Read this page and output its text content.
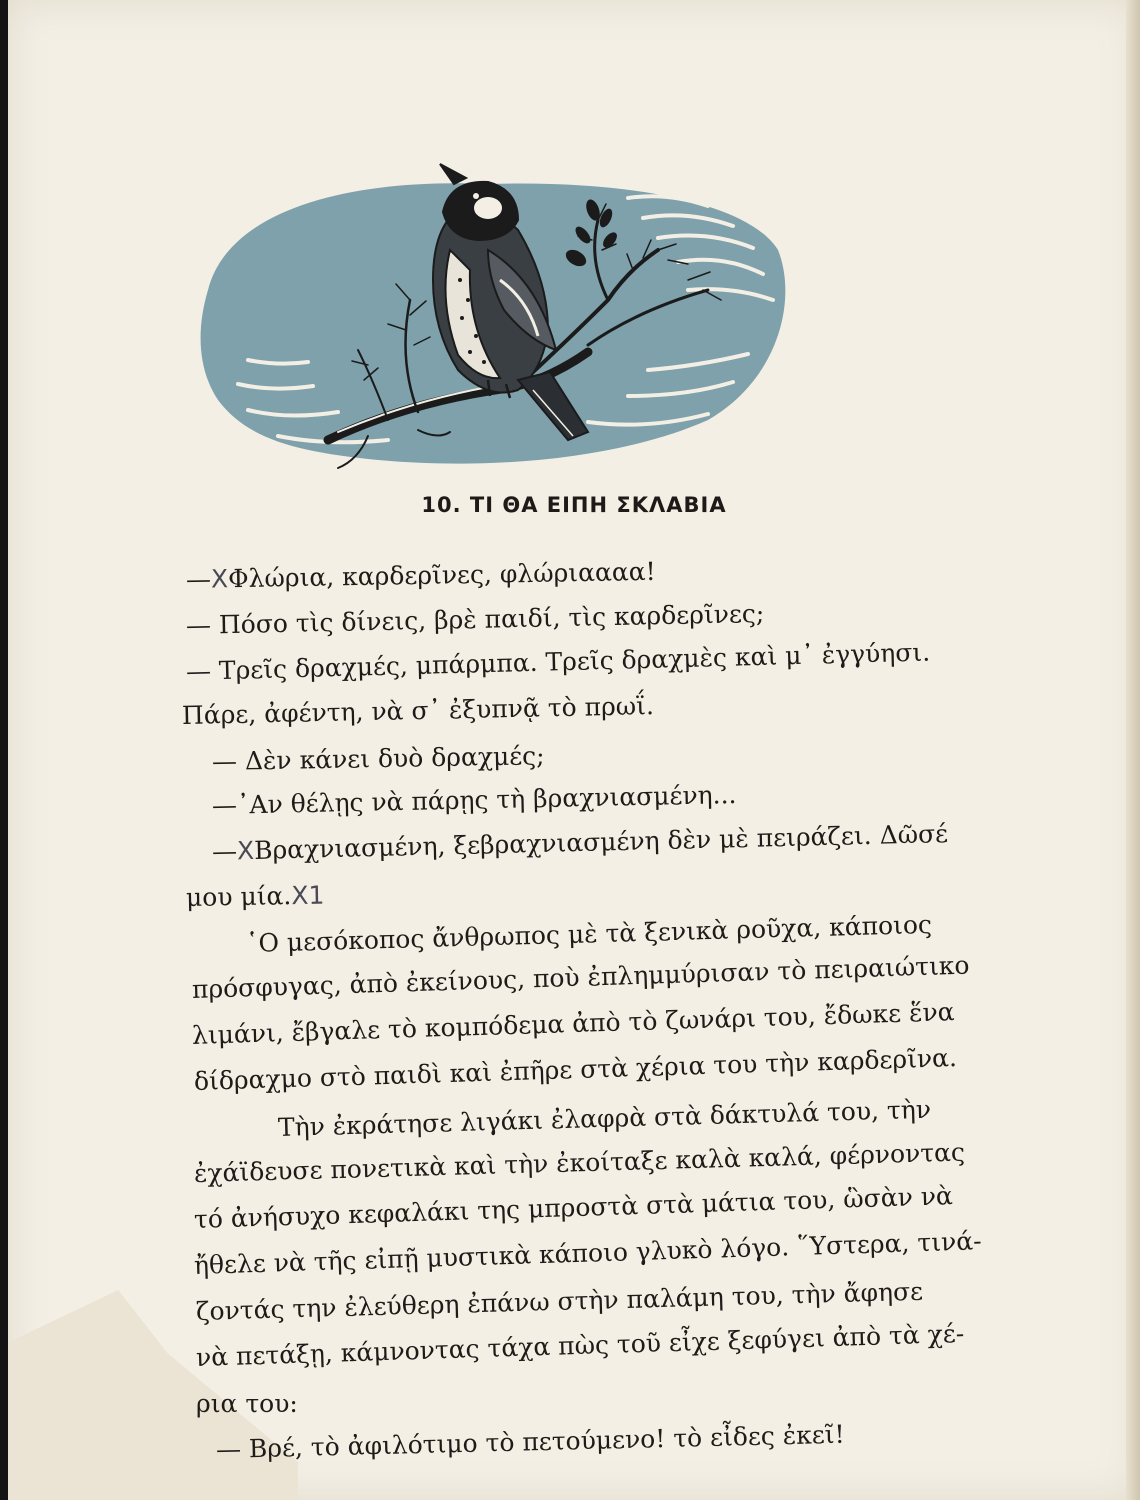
10. ΤΙ ΘΑ ΕΙΠΗ ΣΚΛΑΒΙΑ
—XΦλώρια, καρδερῖνες, φλώριαααα!
— Πόσο τὶς δίνεις, βρὲ παιδί, τὶς καρδερῖνες;
— Τρεῖς δραχμές, μπάρμπα. Τρεῖς δραχμὲς καὶ μ᾽ ἐγγύησι.
Πάρε, ἀφέντη, νὰ σ᾽ ἐξυπνᾷ τὸ πρωΐ.
— Δὲν κάνει δυὸ δραχμές;
—᾿Αν θέλῃς νὰ πάρῃς τὴ βραχνιασμένη...
—XΒραχνιασμένη, ξεβραχνιασμένη δὲν μὲ πειράζει. Δῶσέ
μου μία.X1
῾Ο μεσόκοπος ἄνθρωπος μὲ τὰ ξενικὰ ροῦχα, κάποιος
πρόσφυγας, ἀπὸ ἐκείνους, ποὺ ἐπλημμύρισαν τὸ πειραιώτικο
λιμάνι, ἔβγαλε τὸ κομπόδεμα ἀπὸ τὸ ζωνάρι του, ἔδωκε ἕνα
δίδραχμο στὸ παιδὶ καὶ ἐπῆρε στὰ χέρια του τὴν καρδερῖνα.
Τὴν ἐκράτησε λιγάκι ἐλαφρὰ στὰ δάκτυλά του, τὴν
ἐχάϊδευσε πονετικὰ καὶ τὴν ἐκοίταξε καλὰ καλά, φέρνοντας
τό ἀνήσυχο κεφαλάκι της μπροστὰ στὰ μάτια του, ὣσὰν νὰ
ἤθελε νὰ τῆς εἰπῇ μυστικὰ κάποιο γλυκὸ λόγο. ῞Υστερα, τινά-
ζοντάς την ἐλεύθερη ἐπάνω στὴν παλάμη του, τὴν ἄφησε
νὰ πετάξῃ, κάμνοντας τάχα πὼς τοῦ εἶχε ξεφύγει ἀπὸ τὰ χέ-
ρια του:
— Βρέ, τὸ ἀφιλότιμο τὸ πετούμενο! τὸ εἶδες ἐκεῖ!
